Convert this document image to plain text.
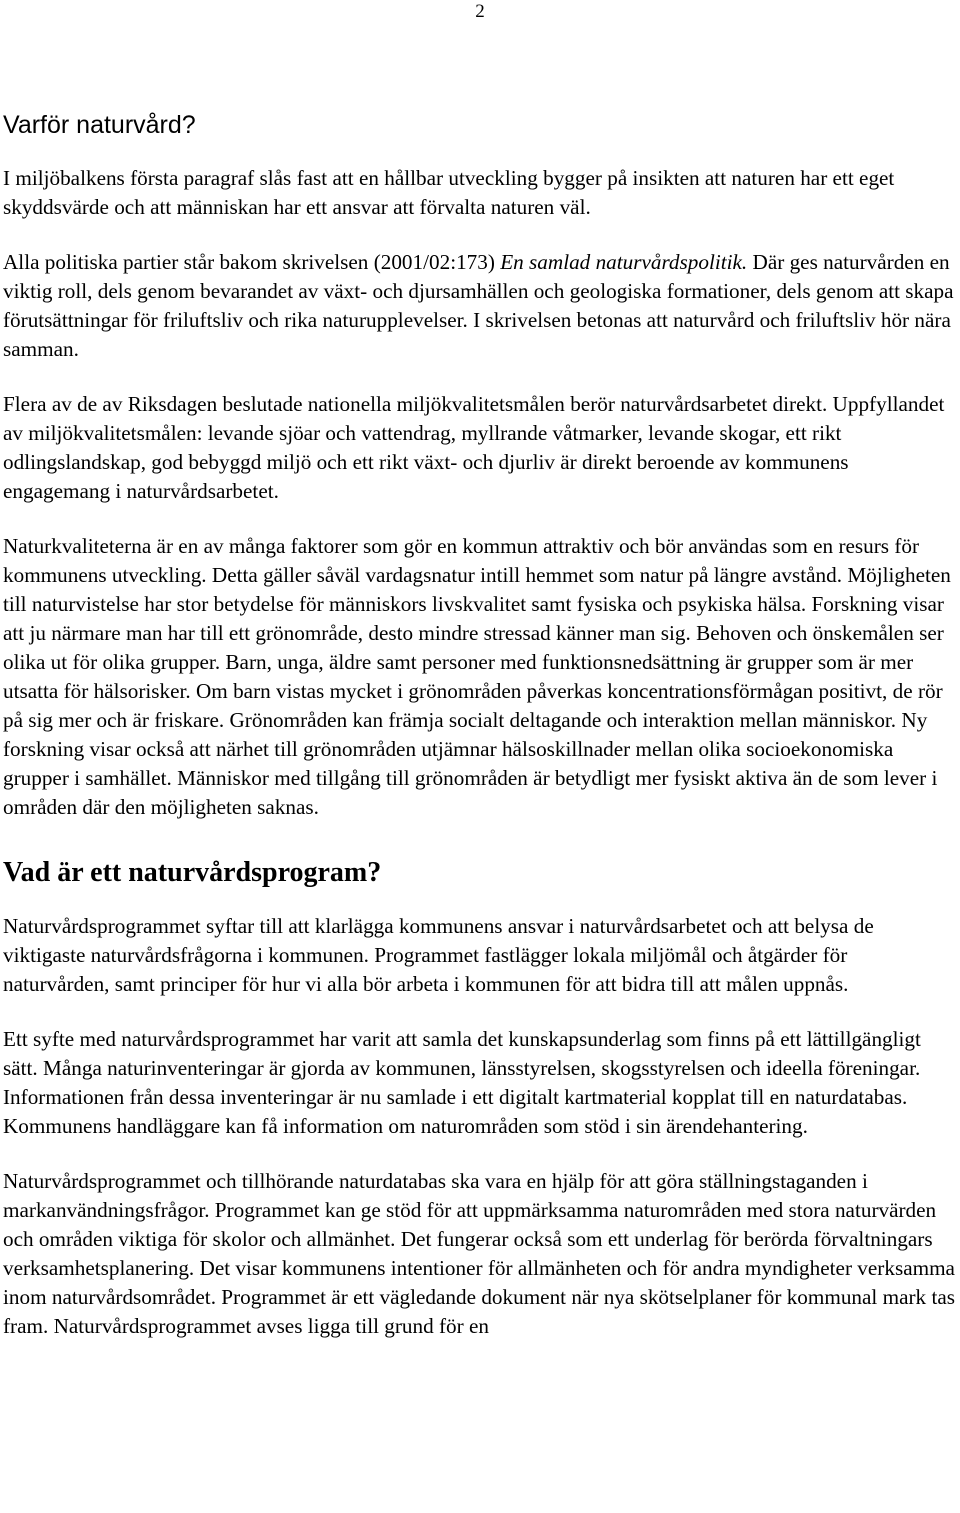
2
Varför naturvård?

I miljöbalkens första paragraf slås fast att en hållbar utveckling bygger på insikten att naturen har ett eget skyddsvärde och att människan har ett ansvar att förvalta naturen väl.

Alla politiska partier står bakom skrivelsen (2001/02:173) En samlad naturvårdspolitik. Där ges naturvården en viktig roll, dels genom bevarandet av växt- och djursamhällen och geologiska formationer, dels genom att skapa förutsättningar för friluftsliv och rika naturupplevelser. I skrivelsen betonas att naturvård och friluftsliv hör nära samman.

Flera av de av Riksdagen beslutade nationella miljökvalitetsmålen berör naturvårdsarbetet direkt. Uppfyllandet av miljökvalitetsmålen: levande sjöar och vattendrag, myllrande våtmarker, levande skogar, ett rikt odlingslandskap, god bebyggd miljö och ett rikt växt- och djurliv är direkt beroende av kommunens engagemang i naturvårdsarbetet.

Naturkvaliteterna är en av många faktorer som gör en kommun attraktiv och bör användas som en resurs för kommunens utveckling. Detta gäller såväl vardagsnatur intill hemmet som natur på längre avstånd. Möjligheten till naturvistelse har stor betydelse för människors livskvalitet samt fysiska och psykiska hälsa. Forskning visar att ju närmare man har till ett grönområde, desto mindre stressad känner man sig. Behoven och önskemålen ser olika ut för olika grupper. Barn, unga, äldre samt personer med funktionsnedsättning är grupper som är mer utsatta för hälsorisker. Om barn vistas mycket i grönområden påverkas koncentrationsförmågan positivt, de rör på sig mer och är friskare. Grönområden kan främja socialt deltagande och interaktion mellan människor. Ny forskning visar också att närhet till grönområden utjämnar hälsoskillnader mellan olika socioekonomiska grupper i samhället. Människor med tillgång till grönområden är betydligt mer fysiskt aktiva än de som lever i områden där den möjligheten saknas.

Vad är ett naturvårdsprogram?

Naturvårdsprogrammet syftar till att klarlägga kommunens ansvar i naturvårdsarbetet och att belysa de viktigaste naturvårdsfrågorna i kommunen. Programmet fastlägger lokala miljömål och åtgärder för naturvården, samt principer för hur vi alla bör arbeta i kommunen för att bidra till att målen uppnås.

Ett syfte med naturvårdsprogrammet har varit att samla det kunskapsunderlag som finns på ett lättillgängligt sätt. Många naturinventeringar är gjorda av kommunen, länsstyrelsen, skogsstyrelsen och ideella föreningar. Informationen från dessa inventeringar är nu samlade i ett digitalt kartmaterial kopplat till en naturdatabas. Kommunens handläggare kan få information om naturområden som stöd i sin ärendehantering.

Naturvårdsprogrammet och tillhörande naturdatabas ska vara en hjälp för att göra ställningstaganden i markanvändningsfrågor. Programmet kan ge stöd för att uppmärksamma naturområden med stora naturvärden och områden viktiga för skolor och allmänhet. Det fungerar också som ett underlag för berörda förvaltningars verksamhetsplanering. Det visar kommunens intentioner för allmänheten och för andra myndigheter verksamma inom naturvårdsområdet. Programmet är ett vägledande dokument när nya skötselplaner för kommunal mark tas fram. Naturvårdsprogrammet avses ligga till grund för en
